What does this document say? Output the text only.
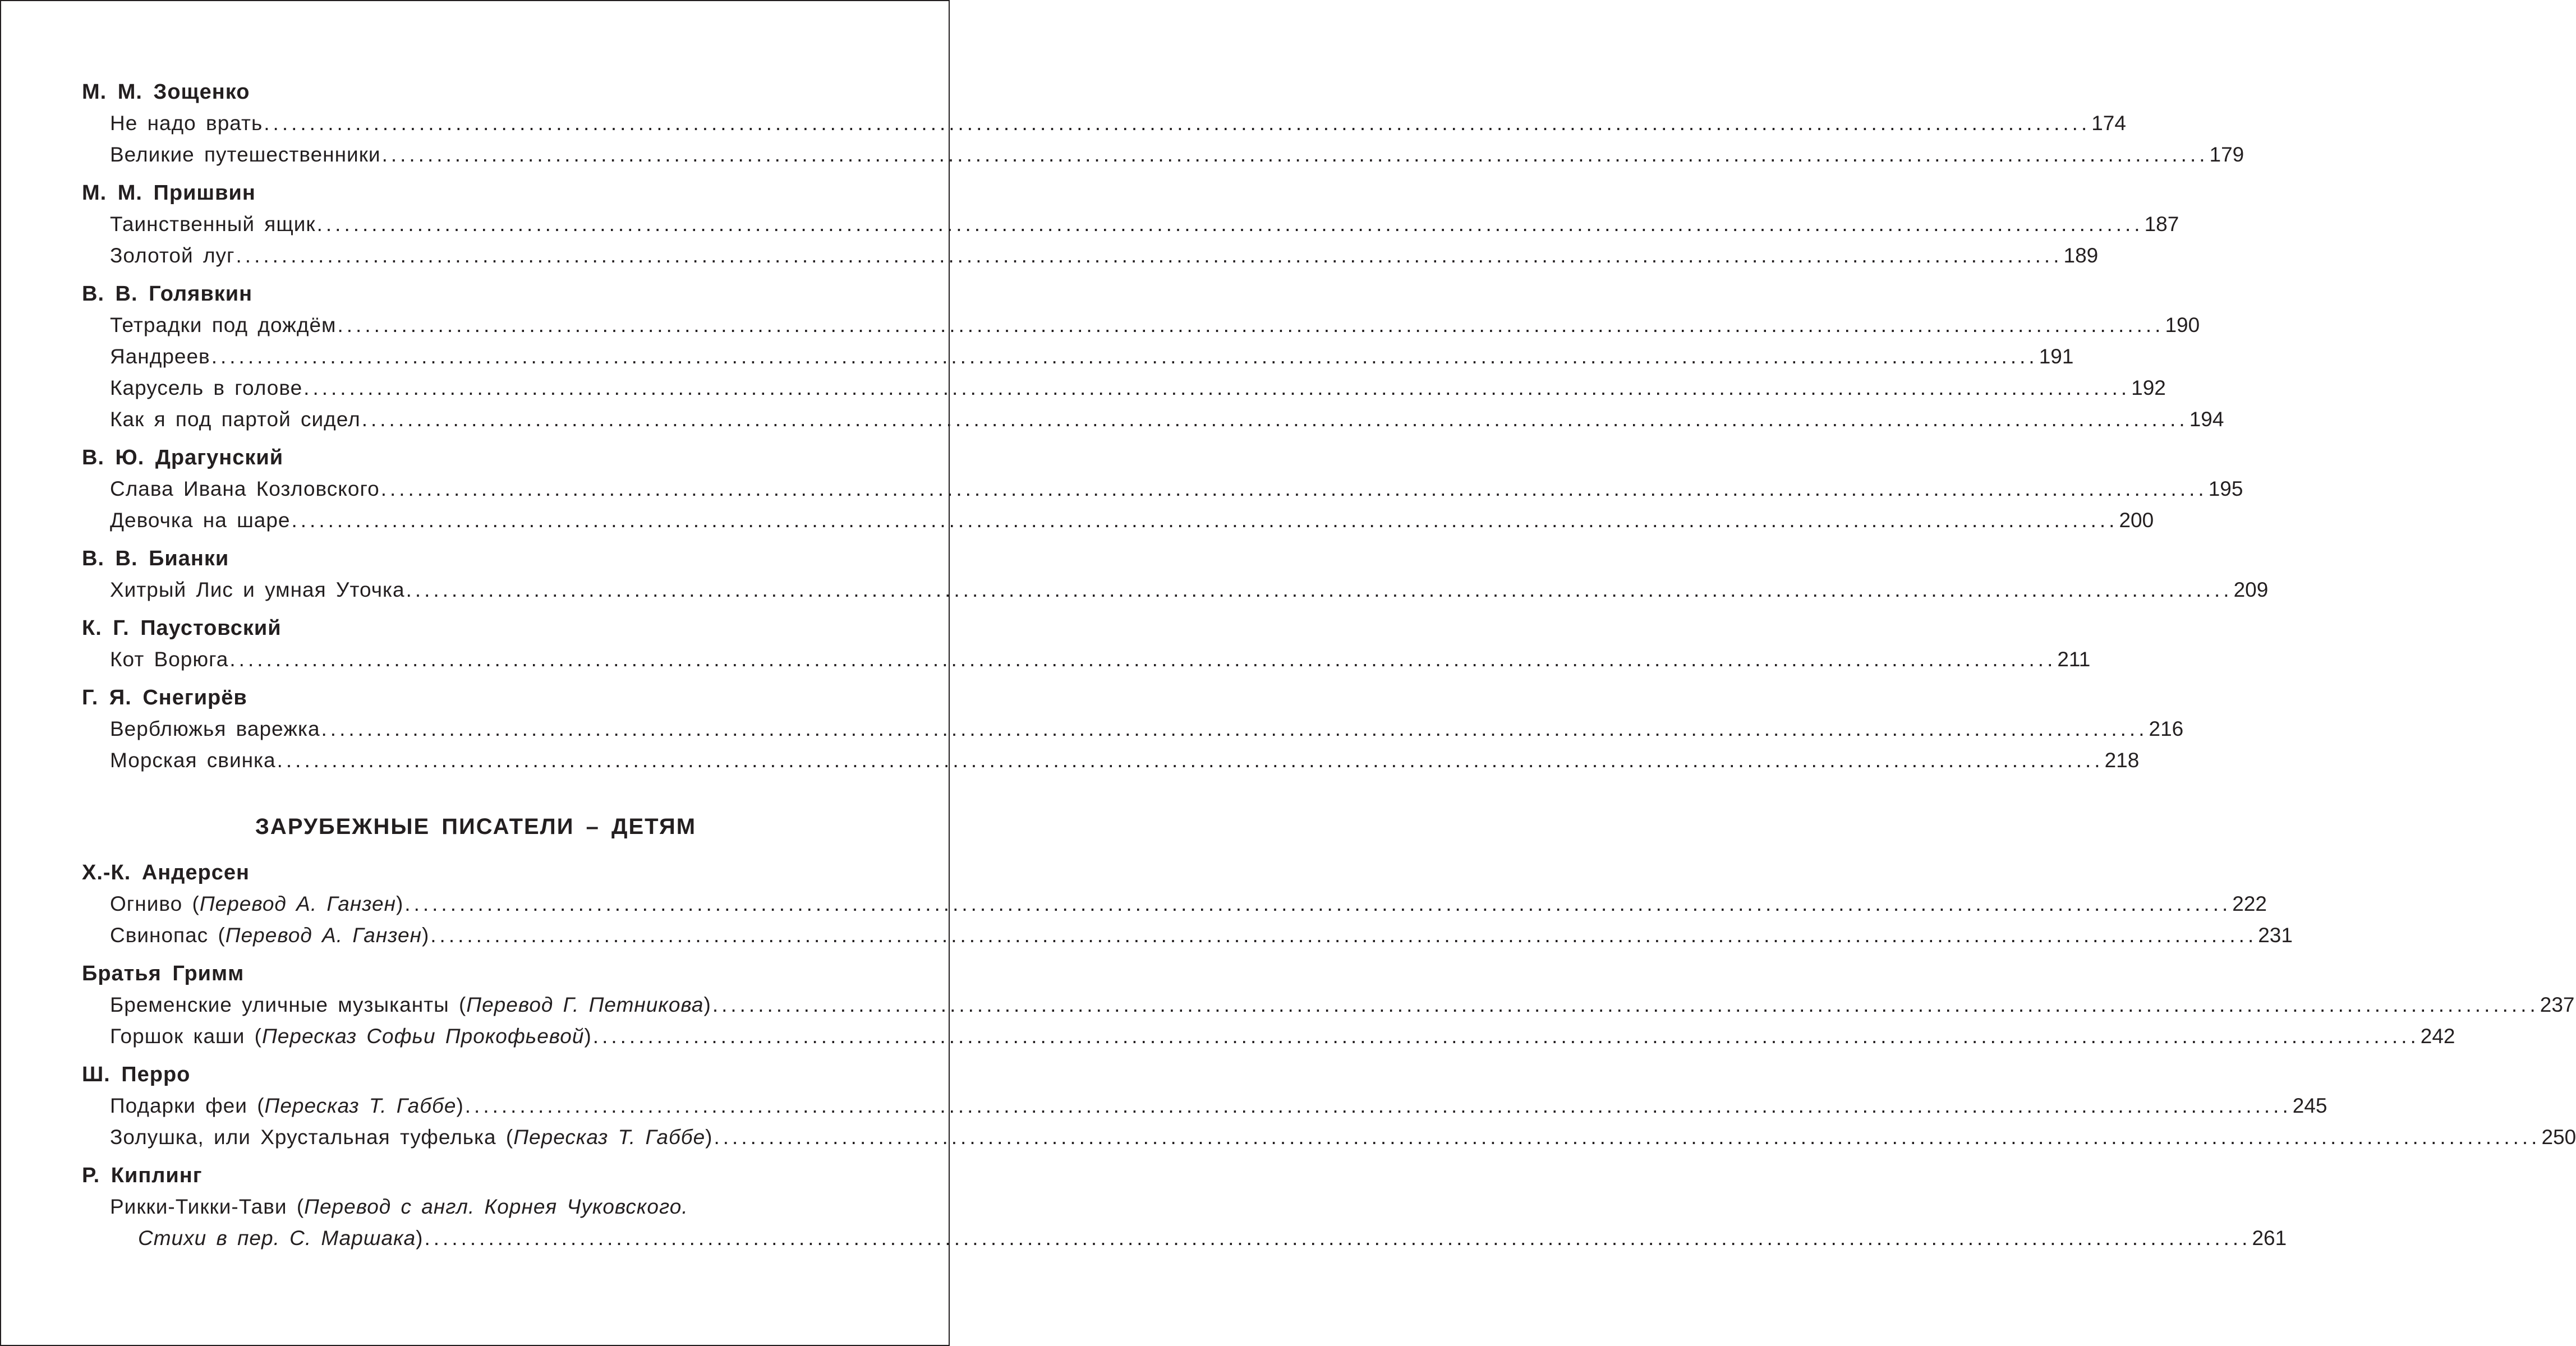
М. М. Зощенко
Не надо врать ........................................................................................................................................................................................................ 174
Великие путешественники ........................................................................................................................................................................................................ 179
М. М. Пришвин
Таинственный ящик ........................................................................................................................................................................................................ 187
Золотой луг ........................................................................................................................................................................................................ 189
В. В. Голявкин
Тетрадки под дождём ........................................................................................................................................................................................................ 190
Яандреев ........................................................................................................................................................................................................ 191
Карусель в голове ........................................................................................................................................................................................................ 192
Как я под партой сидел ........................................................................................................................................................................................................ 194
В. Ю. Драгунский
Слава Ивана Козловского ........................................................................................................................................................................................................ 195
Девочка на шаре ........................................................................................................................................................................................................ 200
В. В. Бианки
Хитрый Лис и умная Уточка ........................................................................................................................................................................................................ 209
К. Г. Паустовский
Кот Ворюга ........................................................................................................................................................................................................ 211
Г. Я. Снегирёв
Верблюжья варежка ........................................................................................................................................................................................................ 216
Морская свинка ........................................................................................................................................................................................................ 218
ЗАРУБЕЖНЫЕ ПИСАТЕЛИ – ДЕТЯМ
Х.-К. Андерсен
Огниво (Перевод А. Ганзен) ........................................................................................................................................................................................................ 222
Свинопас (Перевод А. Ганзен) ........................................................................................................................................................................................................ 231
Братья Гримм
Бременские уличные музыканты (Перевод Г. Петникова) ........................................................................................................................................................................................................ 237
Горшок каши (Пересказ Софьи Прокофьевой) ........................................................................................................................................................................................................ 242
Ш. Перро
Подарки феи (Пересказ Т. Габбе) ........................................................................................................................................................................................................ 245
Золушка, или Хрустальная туфелька (Пересказ Т. Габбе) ........................................................................................................................................................................................................ 250
Р. Киплинг
Рикки-Тикки-Тави (Перевод с англ. Корнея Чуковского.
Стихи в пер. С. Маршака) ........................................................................................................................................................................................................ 261
